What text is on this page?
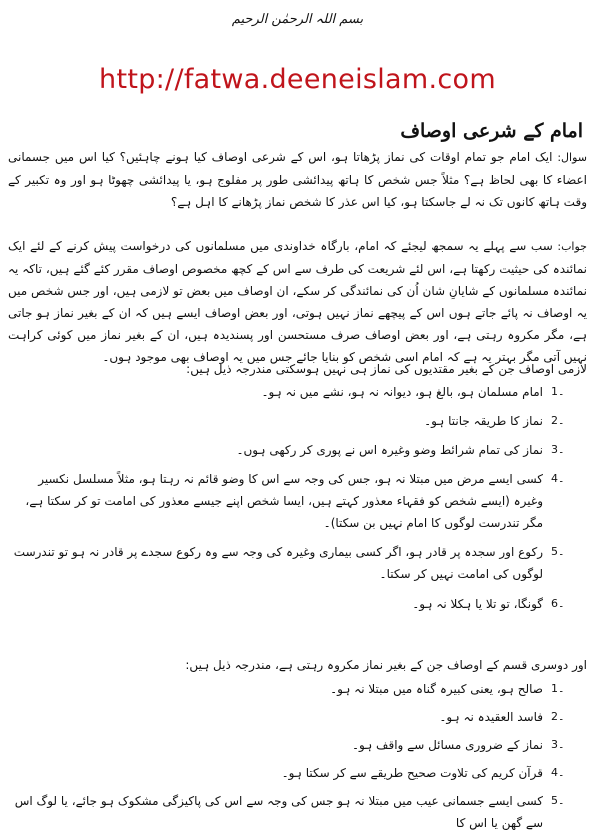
بسم اللہ الرحمٰن الرحیم
http://fatwa.deeneislam.com
امام کے شرعی اوصاف

سوال: ایک امام جو تمام اوقات کی نماز پڑھاتا ہو، اس کے شرعی اوصاف کیا ہونے چاہئیں؟ کیا اس میں جسمانی اعضاء کا بھی لحاظ ہے؟ مثلاً جس شخص کا ہاتھ پیدائشی طور پر مفلوج ہو، یا پیدائشی چھوٹا ہو اور وہ تکبیر کے وقت ہاتھ کانوں تک نہ لے جاسکتا ہو، کیا اس عذر کا شخص نماز پڑھانے کا اہل ہے؟

جواب: سب سے پہلے یہ سمجھ لیجئے کہ امام، بارگاہ خداوندی میں مسلمانوں کی درخواست پیش کرنے کے لئے ایک نمائندہ کی حیثیت رکھتا ہے، اس لئے شریعت کی طرف سے اس کے کچھ مخصوص اوصاف مقرر کئے گئے ہیں، تاکہ یہ نمائندہ مسلمانوں کے شایانِ شان اُن کی نمائندگی کر سکے، ان اوصاف میں بعض تو لازمی ہیں، اور جس شخص میں یہ اوصاف نہ پائے جاتے ہوں اس کے پیچھے نماز نہیں ہوتی، اور بعض اوصاف ایسے ہیں کہ ان کے بغیر نماز ہو جاتی ہے، مگر مکروہ رہتی ہے، اور بعض اوصاف صرف مستحسن اور پسندیدہ ہیں، ان کے بغیر نماز میں کوئی کراہت نہیں آتی مگر بہتر یہ ہے کہ امام اسی شخص کو بنایا جائے جس میں یہ اوصاف بھی موجود ہوں۔

لازمی اوصاف جن کے بغیر مقتدیوں کی نماز ہی نہیں ہوسکتی مندرجہ ذیل ہیں:
۔1
امام مسلمان ہو، بالغ ہو، دیوانہ نہ ہو، نشے میں نہ ہو۔
۔2
نماز کا طریقہ جانتا ہو۔
۔3
نماز کی تمام شرائط وضو وغیرہ اس نے پوری کر رکھی ہوں۔
۔4
کسی ایسے مرض میں مبتلا نہ ہو، جس کی وجہ سے اس کا وضو قائم نہ رہتا ہو، مثلاً مسلسل نکسیر وغیرہ (ایسے شخص کو فقہاء معذور کہتے ہیں، ایسا شخص اپنے جیسے معذور کی امامت تو کر سکتا ہے، مگر تندرست لوگوں کا امام نہیں بن سکتا)۔
۔5
رکوع اور سجدہ پر قادر ہو، اگر کسی بیماری وغیرہ کی وجہ سے وہ رکوع سجدے پر قادر نہ ہو تو تندرست لوگوں کی امامت نہیں کر سکتا۔
۔6
گونگا، تو تلا یا ہکلا نہ ہو۔
اور دوسری قسم کے اوصاف جن کے بغیر نماز مکروہ رہتی ہے، مندرجہ ذیل ہیں:
۔1
صالح ہو، یعنی کبیرہ گناہ میں مبتلا نہ ہو۔
۔2
فاسد العقیدہ نہ ہو۔
۔3
نماز کے ضروری مسائل سے واقف ہو۔
۔4
قرآن کریم کی تلاوت صحیح طریقے سے کر سکتا ہو۔
۔5
کسی ایسے جسمانی عیب میں مبتلا نہ ہو جس کی وجہ سے اس کی پاکیزگی مشکوک ہو جائے، یا لوگ اس سے گھن یا اس کا
